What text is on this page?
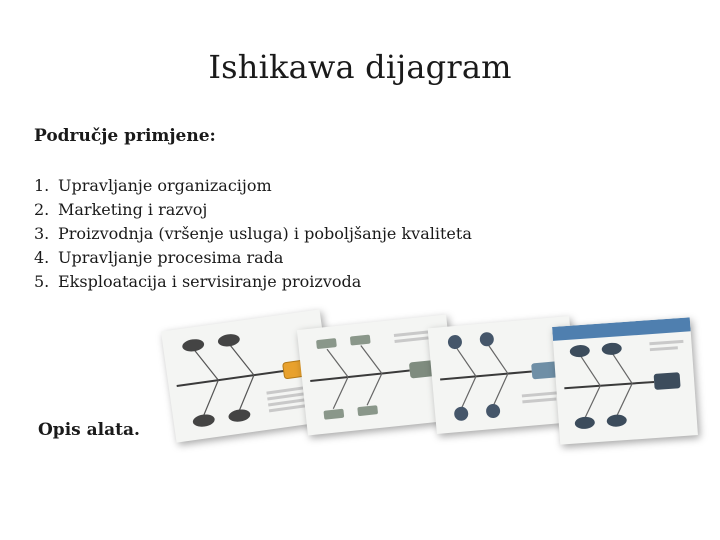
Ishikawa dijagram
Područje primjene:
1. Upravljanje organizacijom
2. Marketing i razvoj
3. Proizvodnja (vršenje usluga) i poboljšanje kvaliteta
4. Upravljanje procesima rada
5. Eksploatacija i servisiranje proizvoda
Opis alata.
